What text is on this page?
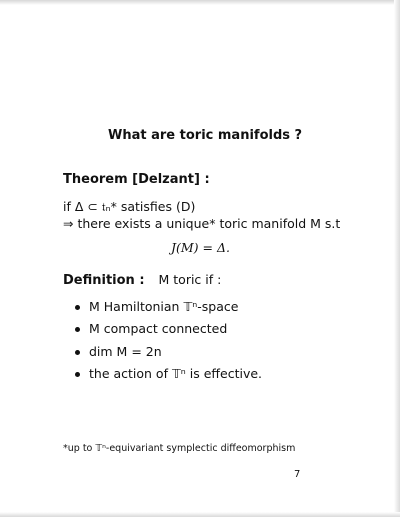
What are toric manifolds ?
Theorem [Delzant] :
if Δ ⊂ 𝔱ₙ* satisfies (D)
⇒ there exists a unique* toric manifold M s.t
J(M) = Δ.
Definition : M toric if :
M Hamiltonian 𝕋ⁿ-space
M compact connected
dim M = 2n
the action of 𝕋ⁿ is effective.
*up to 𝕋ⁿ-equivariant symplectic diffeomorphism
7
